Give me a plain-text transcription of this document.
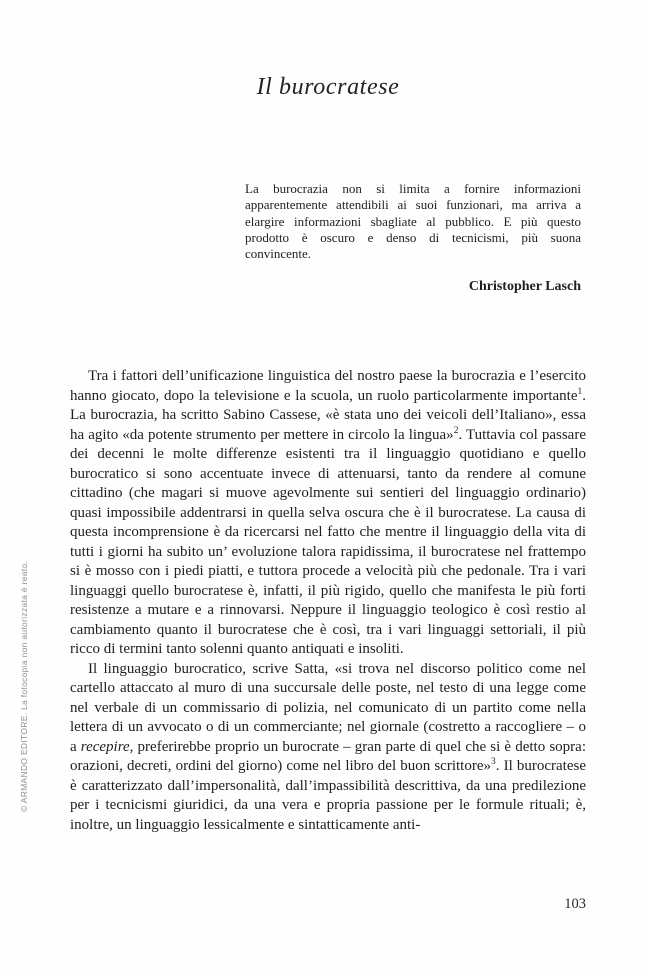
© ARMANDO EDITORE. La fotocopia non autorizzata è reato.
Il burocratese

La burocrazia non si limita a fornire informazioni apparentemente attendibili ai suoi funzionari, ma arriva a elargire informazioni sbagliate al pubblico. E più questo prodotto è oscuro e denso di tecnicismi, più suona convincente.

Christopher Lasch

Tra i fattori dell’unificazione linguistica del nostro paese la burocrazia e l’esercito hanno giocato, dopo la televisione e la scuola, un ruolo particolarmente importante$^1$. La burocrazia, ha scritto Sabino Cassese, «è stata uno dei veicoli dell’Italiano», essa ha agito «da potente strumento per mettere in circolo la lingua»$^2$. Tuttavia col passare dei decenni le molte differenze esistenti tra il linguaggio quotidiano e quello burocratico si sono accentuate invece di attenuarsi, tanto da rendere al comune cittadino (che magari si muove agevolmente sui sentieri del linguaggio ordinario) quasi impossibile addentrarsi in quella selva oscura che è il burocratese. La causa di questa incomprensione è da ricercarsi nel fatto che mentre il linguaggio della vita di tutti i giorni ha subito un’ evoluzione talora rapidissima, il burocratese nel frattempo si è mosso con i piedi piatti, e tuttora procede a velocità più che pedonale. Tra i vari linguaggi quello burocratese è, infatti, il più rigido, quello che manifesta le più forti resistenze a mutare e a rinnovarsi. Neppure il linguaggio teologico è così restio al cambiamento quanto il burocratese che è così, tra i vari linguaggi settoriali, il più ricco di termini tanto solenni quanto antiquati e insoliti.

Il linguaggio burocratico, scrive Satta, «si trova nel discorso politico come nel cartello attaccato al muro di una succursale delle poste, nel testo di una legge come nel verbale di un commissario di polizia, nel comunicato di un partito come nella lettera di un avvocato o di un commerciante; nel giornale (costretto a raccogliere – o a recepire, preferirebbe proprio un burocrate – gran parte di quel che si è detto sopra: orazioni, decreti, ordini del giorno) come nel libro del buon scrittore»$^3$. Il burocratese è caratterizzato dall’impersonalità, dall’impassibilità descrittiva, da una predilezione per i tecnicismi giuridici, da una vera e propria passione per le formule rituali; è, inoltre, un linguaggio lessicalmente e sintatticamente anti-

103
